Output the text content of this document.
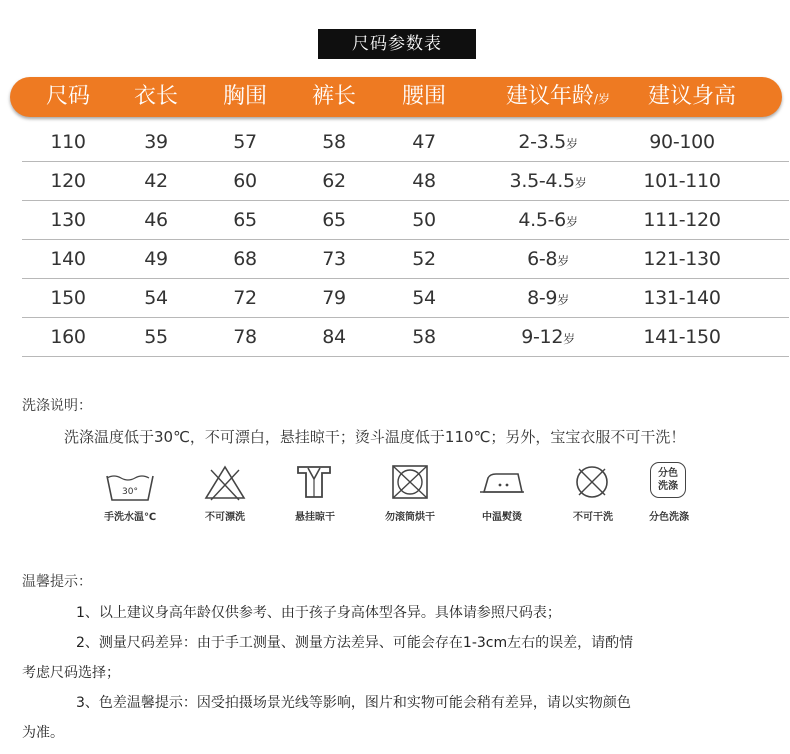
尺码参数表
尺码 衣长 胸围 裤长 腰围	建议年龄/岁 建议身高
110	39	57	58	47	2-3.5岁	90-100
120	42	60	62	48	3.5-4.5岁	101-110
130	46	65	65	50	4.5-6岁	111-120
140	49	68	73	52	6-8岁	121-130
150	54	72	79	54	8-9岁	131-140
160	55	78	84	58	9-12岁	141-150
洗涤说明：
洗涤温度低于30℃，不可漂白，悬挂晾干；烫斗温度低于110℃；另外，宝宝衣服不可干洗！
30°
分色
洗涤
手洗水温℃	不可漂洗	悬挂晾干	勿滚筒烘干	中温熨烫	不可干洗	分色洗涤
温馨提示：
1、以上建议身高年龄仅供参考、由于孩子身高体型各异。具体请参照尺码表；
2、测量尺码差异：由于手工测量、测量方法差异、可能会存在1-3cm左右的误差，请酌情
考虑尺码选择；
3、色差温馨提示：因受拍摄场景光线等影响，图片和实物可能会稍有差异，请以实物颜色
为准。
